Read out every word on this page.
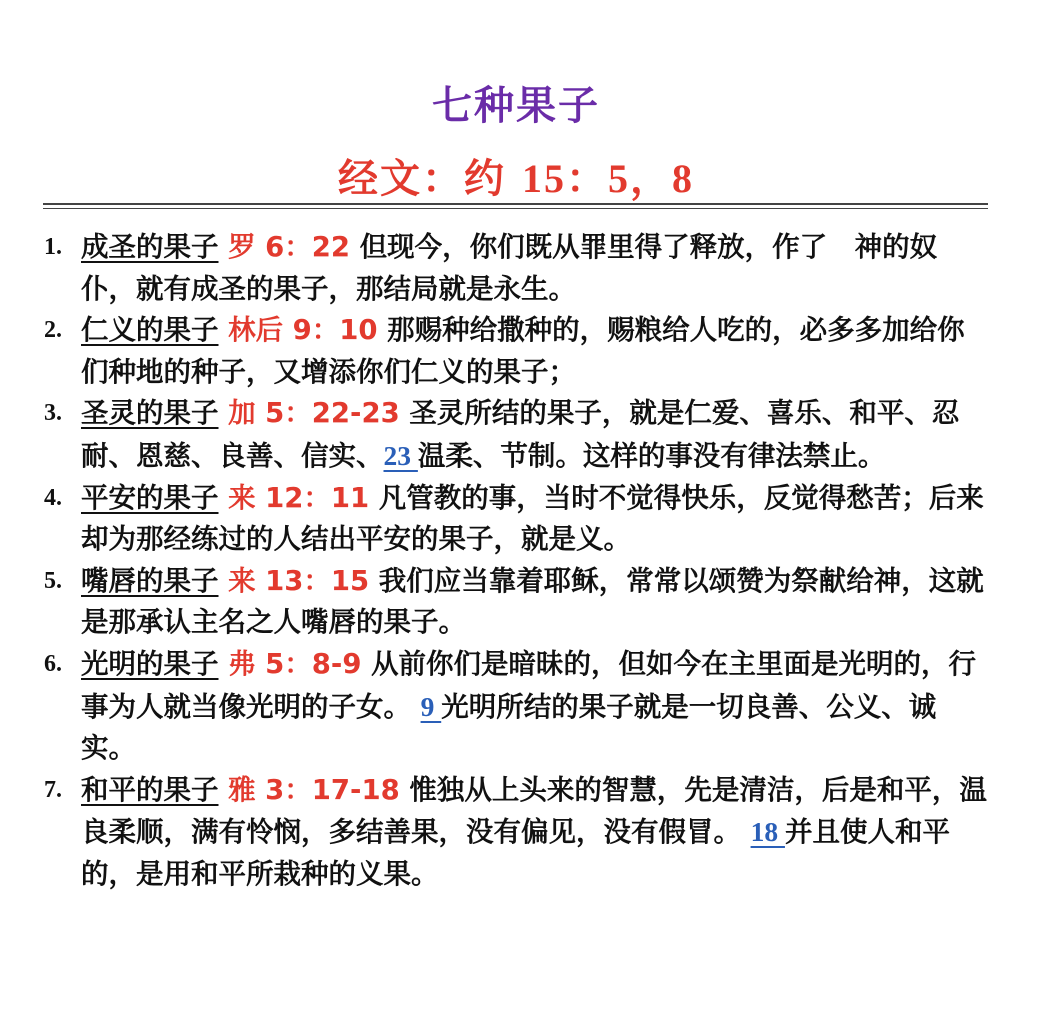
七种果子
经文：约 15：5，8
1. 成圣的果子 罗 6：22 但现今，你们既从罪里得了释放，作了　神的奴仆，就有成圣的果子，那结局就是永生。
2. 仁义的果子 林后 9：10 那赐种给撒种的，赐粮给人吃的，必多多加给你们种地的种子，又增添你们仁义的果子；
3. 圣灵的果子 加 5：22-23 圣灵所结的果子，就是仁爱、喜乐、和平、忍耐、恩慈、良善、信实、23 温柔、节制。这样的事没有律法禁止。
4. 平安的果子 来 12：11 凡管教的事，当时不觉得快乐，反觉得愁苦；后来却为那经练过的人结出平安的果子，就是义。
5. 嘴唇的果子 来 13：15 我们应当靠着耶稣，常常以颂赞为祭献给神，这就是那承认主名之人嘴唇的果子。
6. 光明的果子 弗 5：8-9 从前你们是暗昧的，但如今在主里面是光明的，行事为人就当像光明的子女。 9 光明所结的果子就是一切良善、公义、诚实。
7. 和平的果子 雅 3：17-18 惟独从上头来的智慧，先是清洁，后是和平，温良柔顺，满有怜悯，多结善果，没有偏见，没有假冒。 18 并且使人和平的，是用和平所栽种的义果。
